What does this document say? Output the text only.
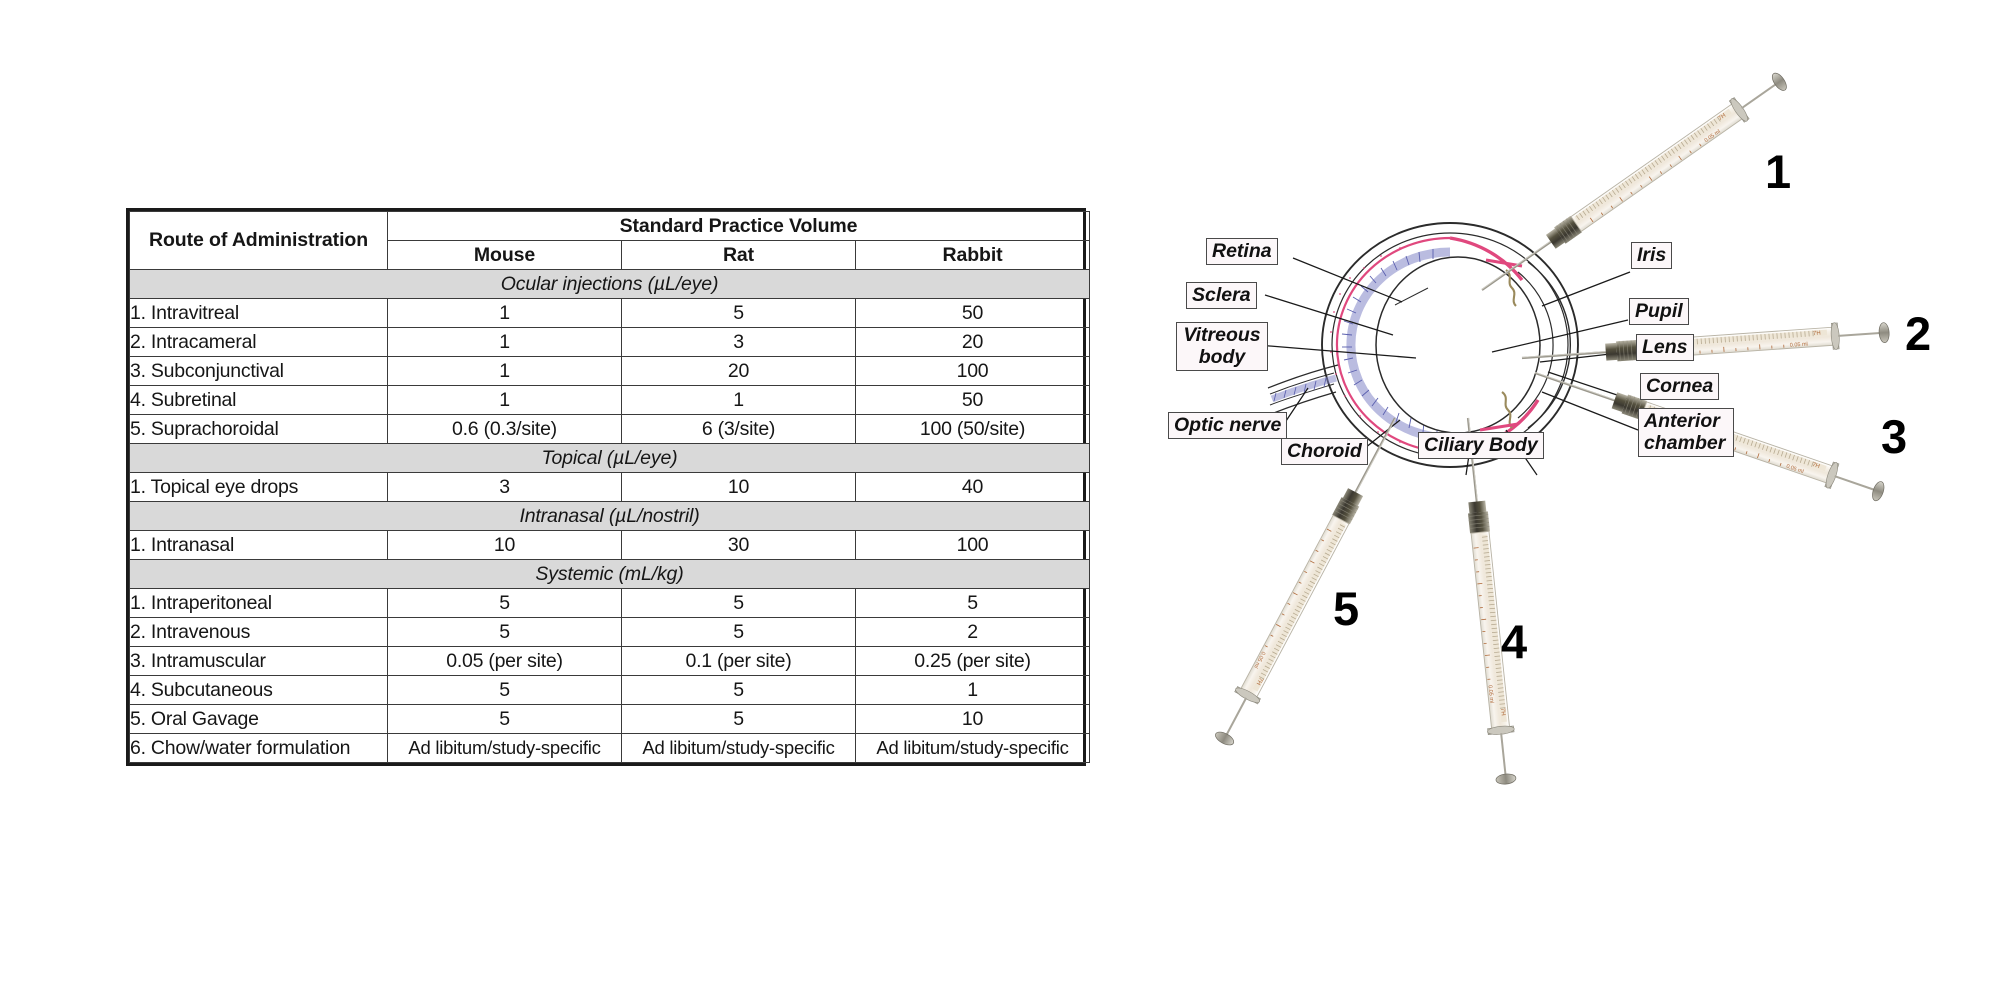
Route of Administration	Standard Practice Volume		
	Mouse	Rat	Rabbit
Ocular injections (µL/eye)			
1. Intravitreal	1	5	50
2. Intracameral	1	3	20
3. Subconjunctival	1	20	100
4. Subretinal	1	1	50
5. Suprachoroidal	0.6 (0.3/site)	6 (3/site)	100 (50/site)
Topical (µL/eye)			
1. Topical eye drops	3	10	40
Intranasal (µL/nostril)			
1. Intranasal	10	30	100
Systemic (mL/kg)			
1. Intraperitoneal	5	5	5
2. Intravenous	5	5	2
3. Intramuscular	0.05 (per site)	0.1 (per site)	0.25 (per site)
4. Subcutaneous	5	5	1
5. Oral Gavage	5	5	10
6. Chow/water formulation	Ad libitum/study-specific	Ad libitum/study-specific	Ad libitum/study-specific
0.05 ml
7H
Retina
Sclera
Vitreous
body
Optic nerve
Choroid	Ciliary Body
Iris
Pupil
Lens
Cornea
Anterior
chamber
1
2
3
4
5
